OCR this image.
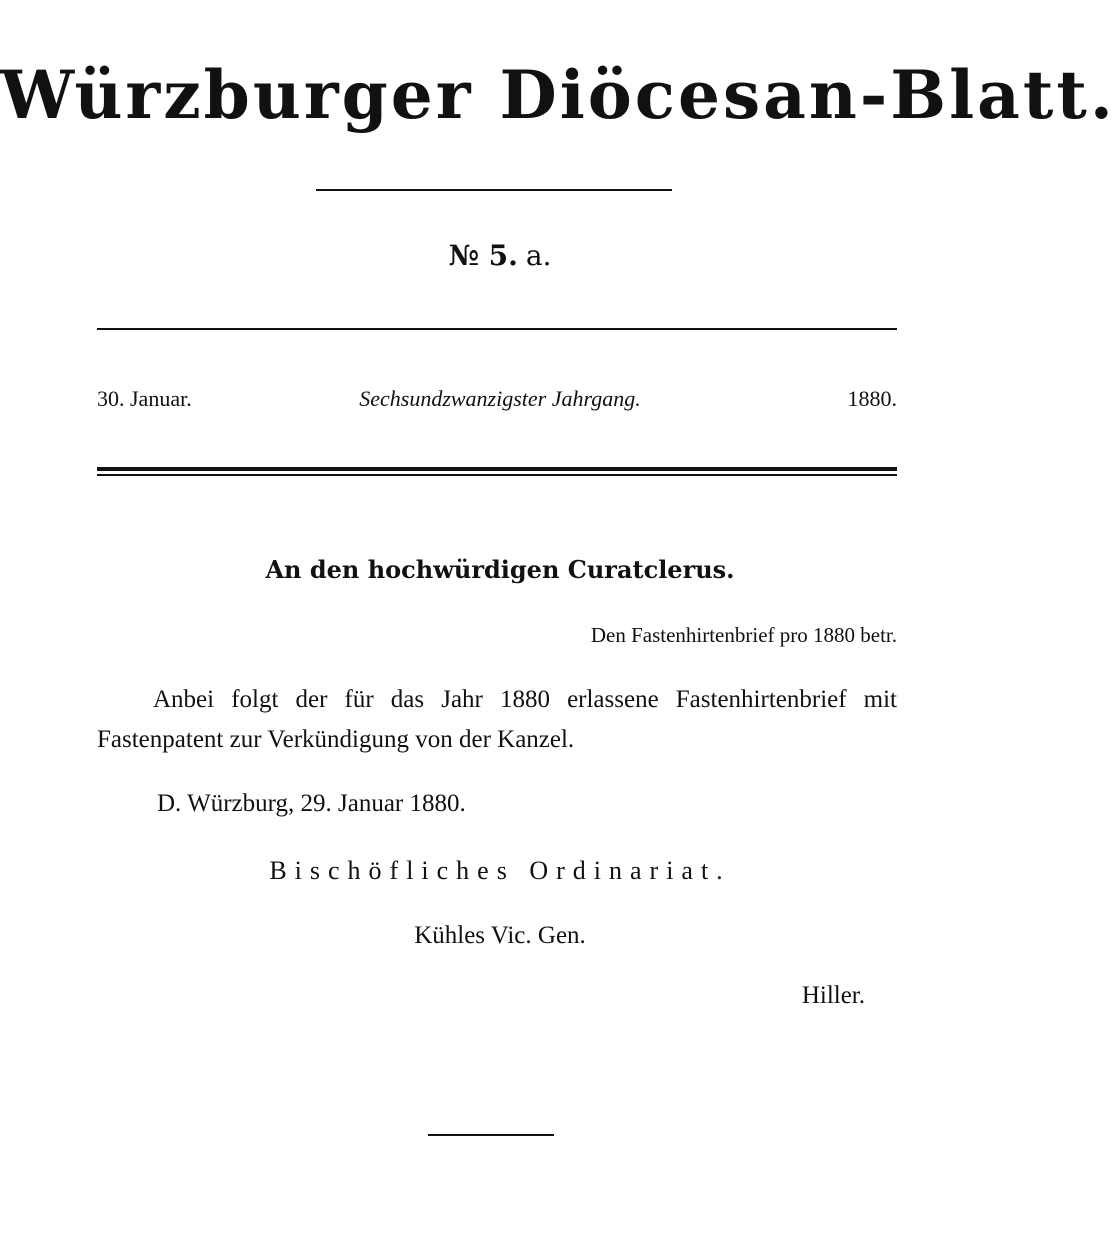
Würzburger Diöcesan-Blatt.
№ 5. a.
30. Januar.	Sechsundzwanzigster Jahrgang.	1880.
An den hochwürdigen Curatclerus.
Den Fastenhirtenbrief pro 1880 betr.
Anbei folgt der für das Jahr 1880 erlassene Fastenhirtenbrief mit Fastenpatent zur Verkündigung von der Kanzel.
D. Würzburg, 29. Januar 1880.
Bischöfliches Ordinariat.
Kühles Vic. Gen.
Hiller.
